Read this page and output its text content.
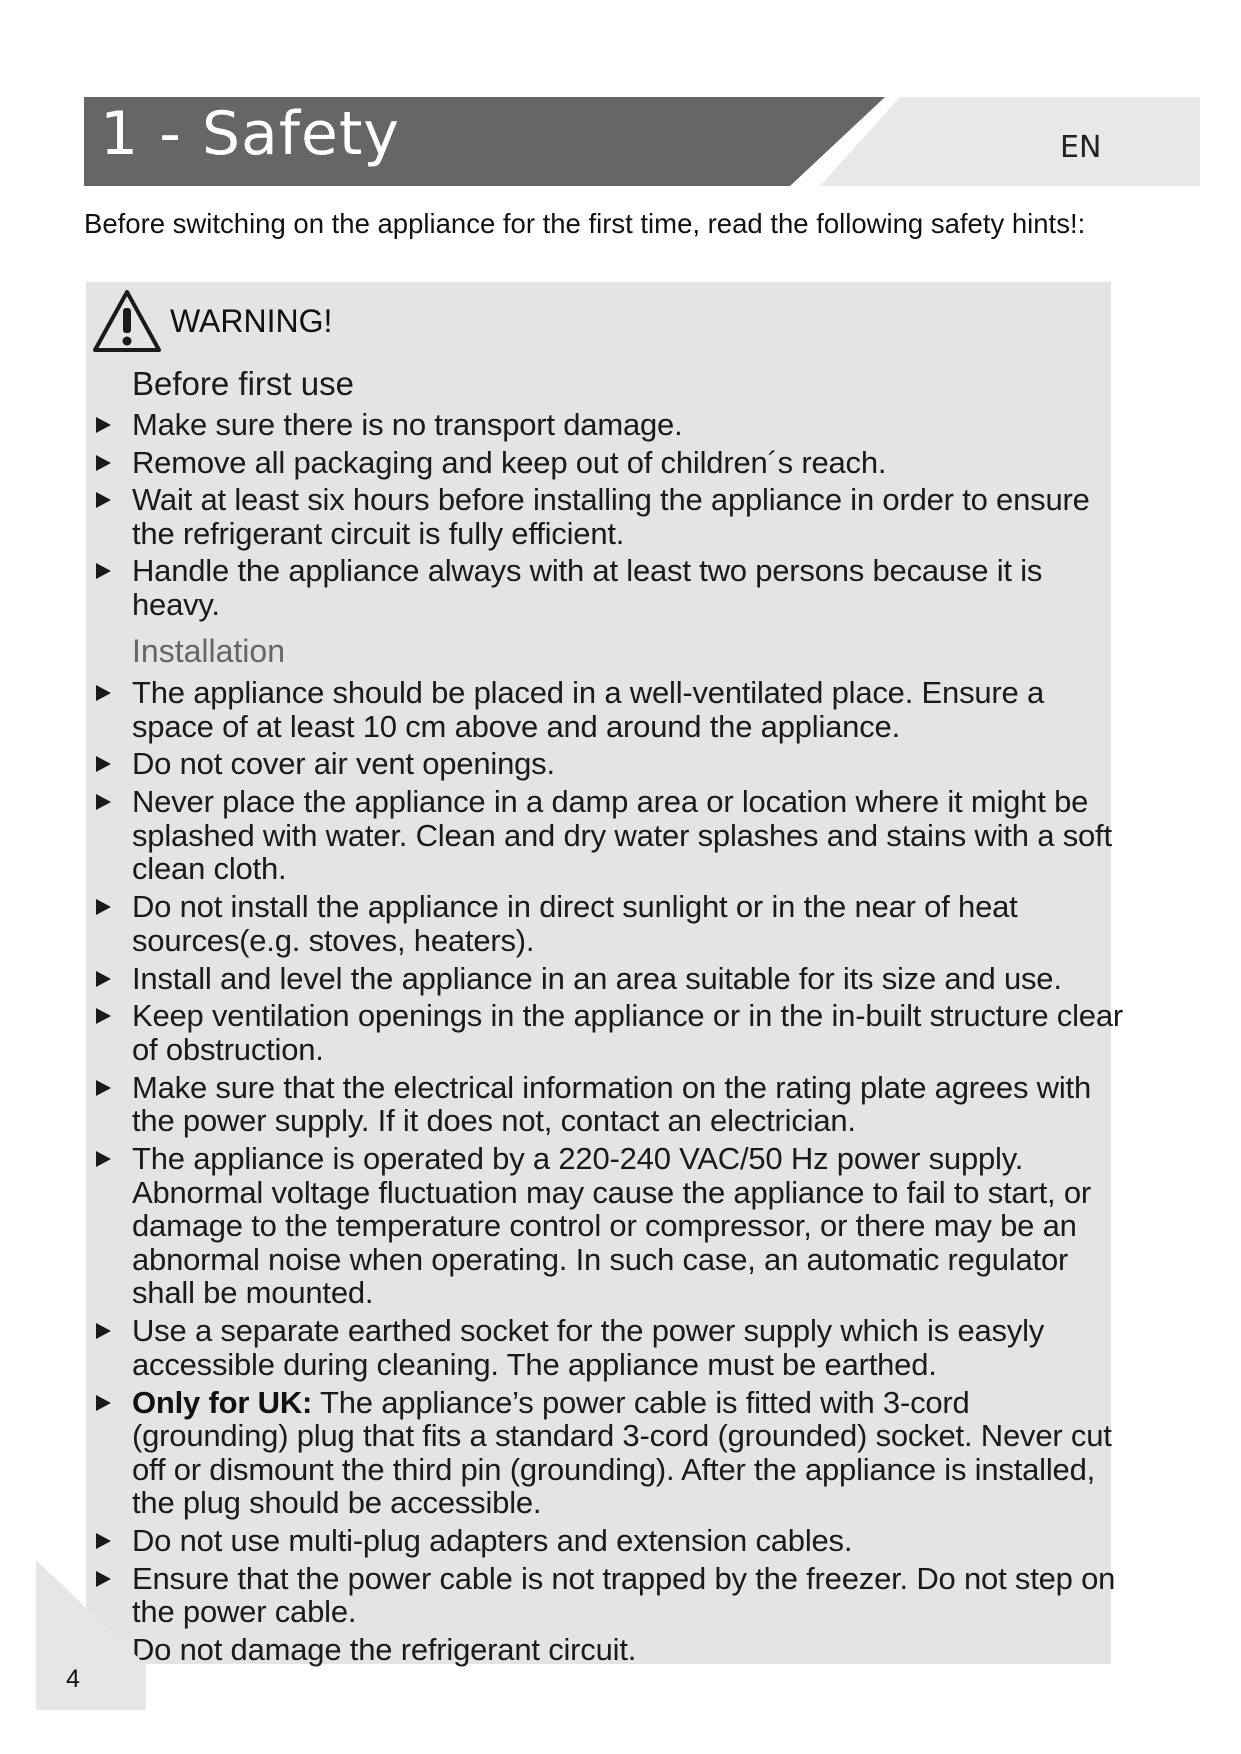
1 - Safety	EN
Before switching on the appliance for the first time, read the following safety hints!:
WARNING!
Before first use
Make sure there is no transport damage.
Remove all packaging and keep out of children´s reach.
Wait at least six hours before installing the appliance in order to ensure the refrigerant circuit is fully efficient.
Handle the appliance always with at least two persons because it is heavy.
Installation
The appliance should be placed in a well-ventilated place. Ensure a space of at least 10 cm above and around the appliance.
Do not cover air vent openings.
Never place the appliance in a damp area or location where it might be splashed with water. Clean and dry water splashes and stains with a soft clean cloth.
Do not install the appliance in direct sunlight or in the near of heat sources(e.g. stoves, heaters).
Install and level the appliance in an area suitable for its size and use.
Keep ventilation openings in the appliance or in the in-built structure clear of obstruction.
Make sure that the electrical information on the rating plate agrees with the power supply. If it does not, contact an electrician.
The appliance is operated by a 220-240 VAC/50 Hz power supply. Abnormal voltage fluctuation may cause the appliance to fail to start, or damage to the temperature control or compressor, or there may be an abnormal noise when operating. In such case, an automatic regulator shall be mounted.
Use a separate earthed socket for the power supply which is easyly accessible during cleaning. The appliance must be earthed.
Only for UK: The appliance’s power cable is fitted with 3-cord (grounding) plug that fits a standard 3-cord (grounded) socket. Never cut off or dismount the third pin (grounding). After the appliance is installed, the plug should be accessible.
Do not use multi-plug adapters and extension cables.
Ensure that the power cable is not trapped by the freezer. Do not step on the power cable.
Do not damage the refrigerant circuit.
4
